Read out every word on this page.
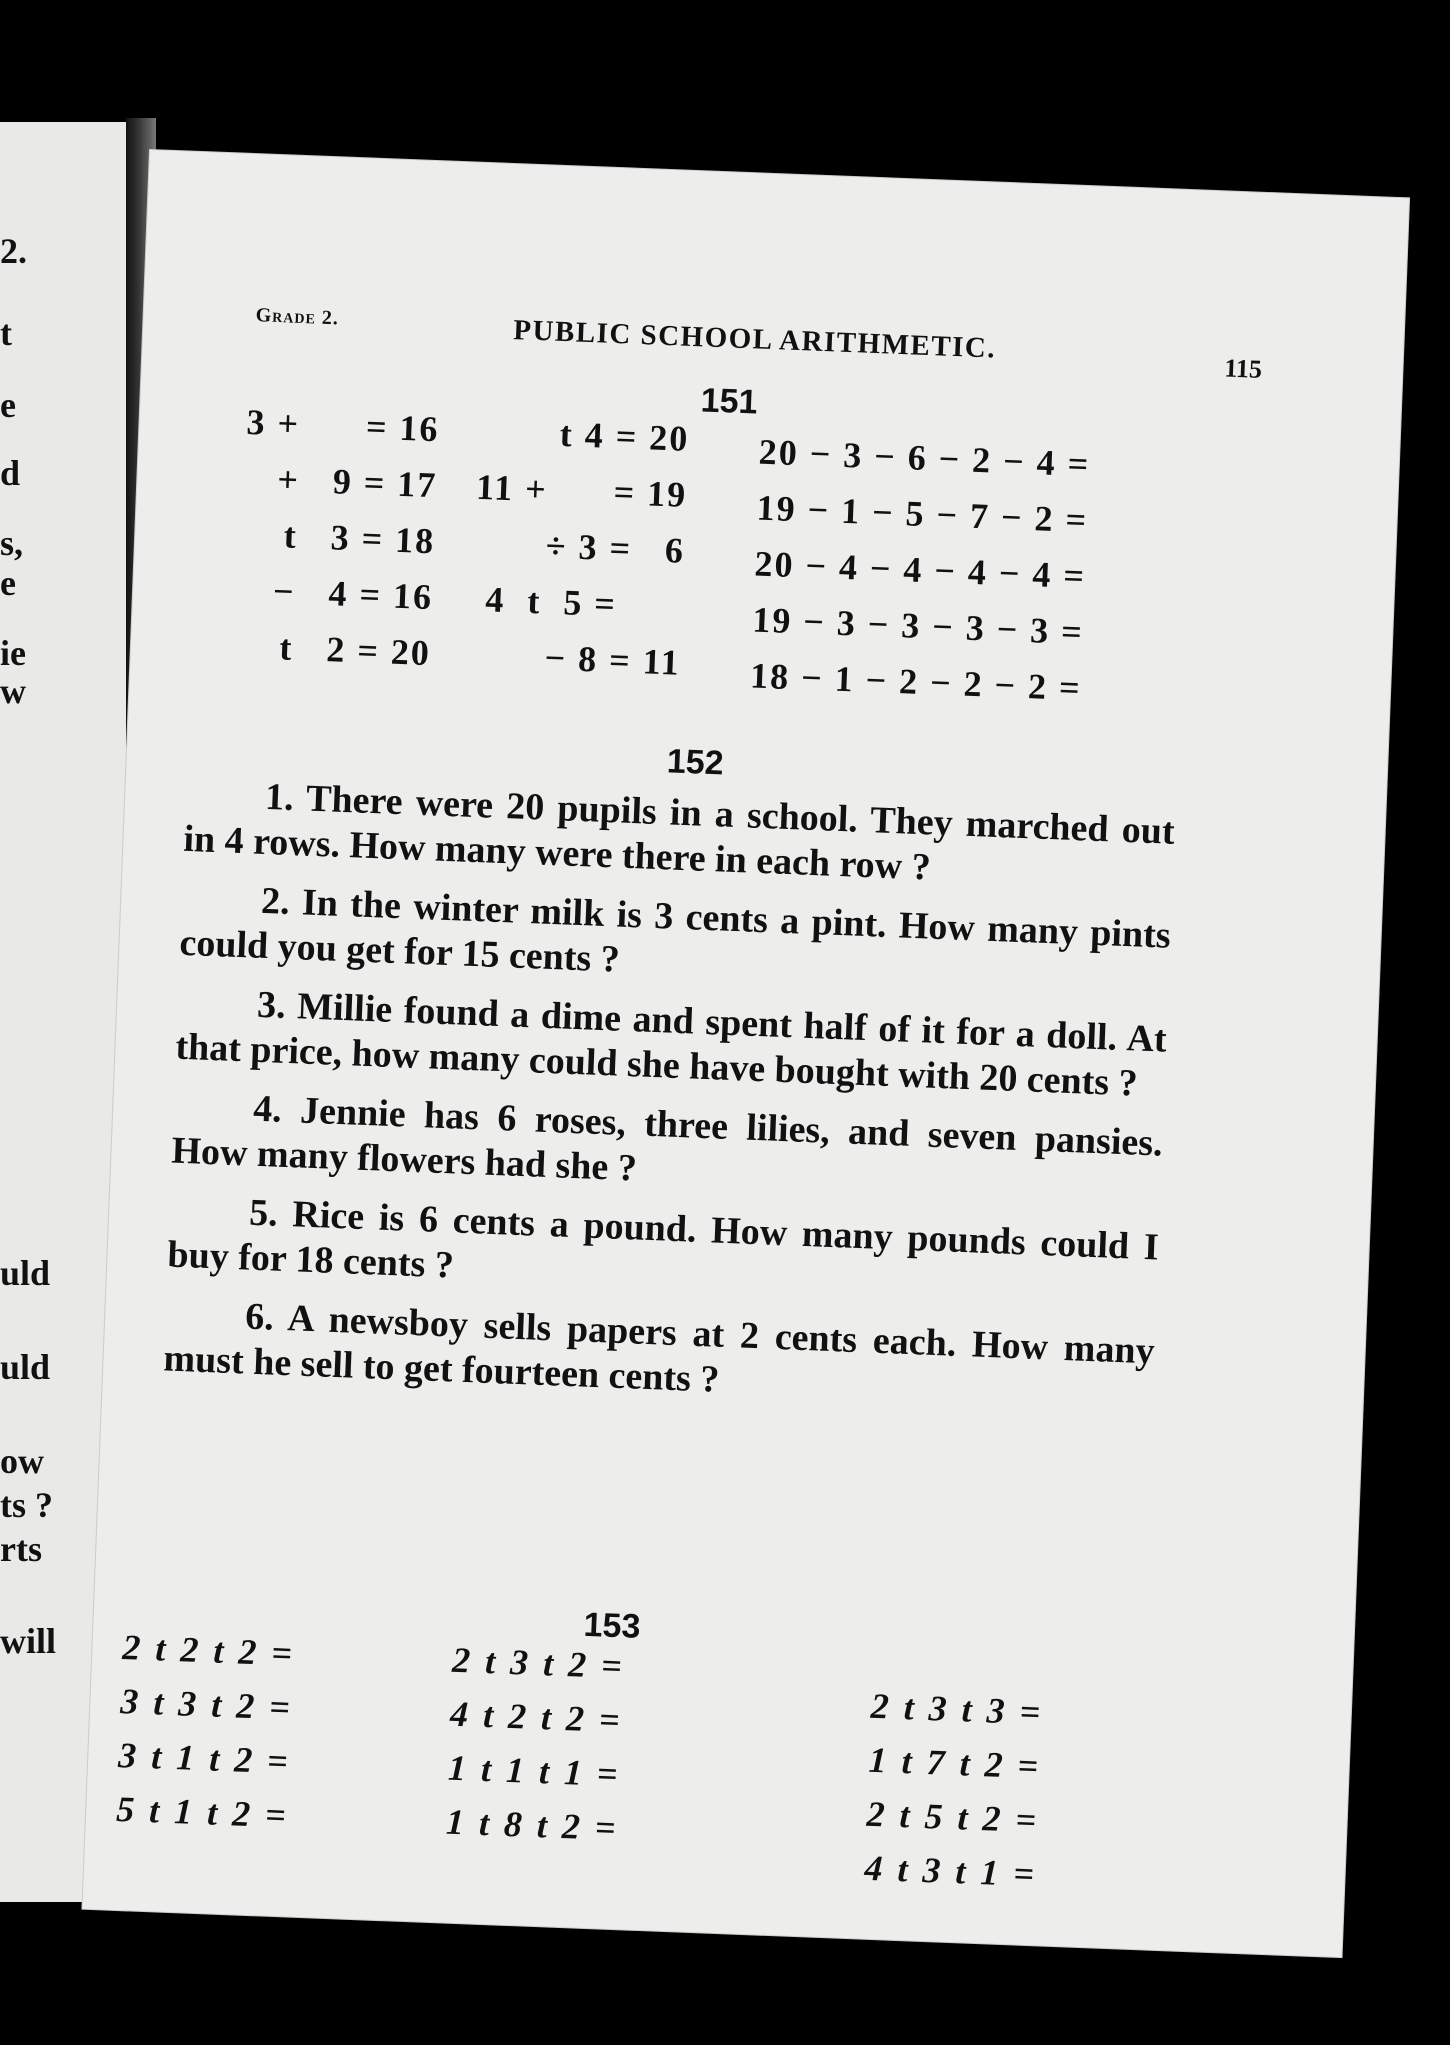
2.
t
e
d
s,
e
ie
w
uld
uld
ow
ts ?
rts
will
Grade 2.	PUBLIC SCHOOL ARITHMETIC.
115
151
3 +      = 16
+   9 = 17
t   3 = 18
−   4 = 16
t   2 = 20
t 4 = 20
11 +      = 19
÷ 3 =   6
4  t  5 =
− 8 = 11
20 − 3 − 6 − 2 − 4 =
19 − 1 − 5 − 7 − 2 =
20 − 4 − 4 − 4 − 4 =
19 − 3 − 3 − 3 − 3 =
18 − 1 − 2 − 2 − 2 =
152

1. There were 20 pupils in a school. They marched out in 4 rows. How many were there in each row ?

2. In the winter milk is 3 cents a pint. How many pints could you get for 15 cents ?

3. Millie found a dime and spent half of it for a doll. At that price, how many could she have bought with 20 cents ?

4. Jennie has 6 roses, three lilies, and seven pansies. How many flowers had she ?

5. Rice is 6 cents a pound. How many pounds could I buy for 18 cents ?

6. A newsboy sells papers at 2 cents each. How many must he sell to get fourteen cents ?

153
2 t 2 t 2 =
3 t 3 t 2 =
3 t 1 t 2 =
5 t 1 t 2 =
2 t 3 t 2 =
4 t 2 t 2 =
1 t 1 t 1 =
1 t 8 t 2 =
2 t 3 t 3 =
1 t 7 t 2 =
2 t 5 t 2 =
4 t 3 t 1 =
